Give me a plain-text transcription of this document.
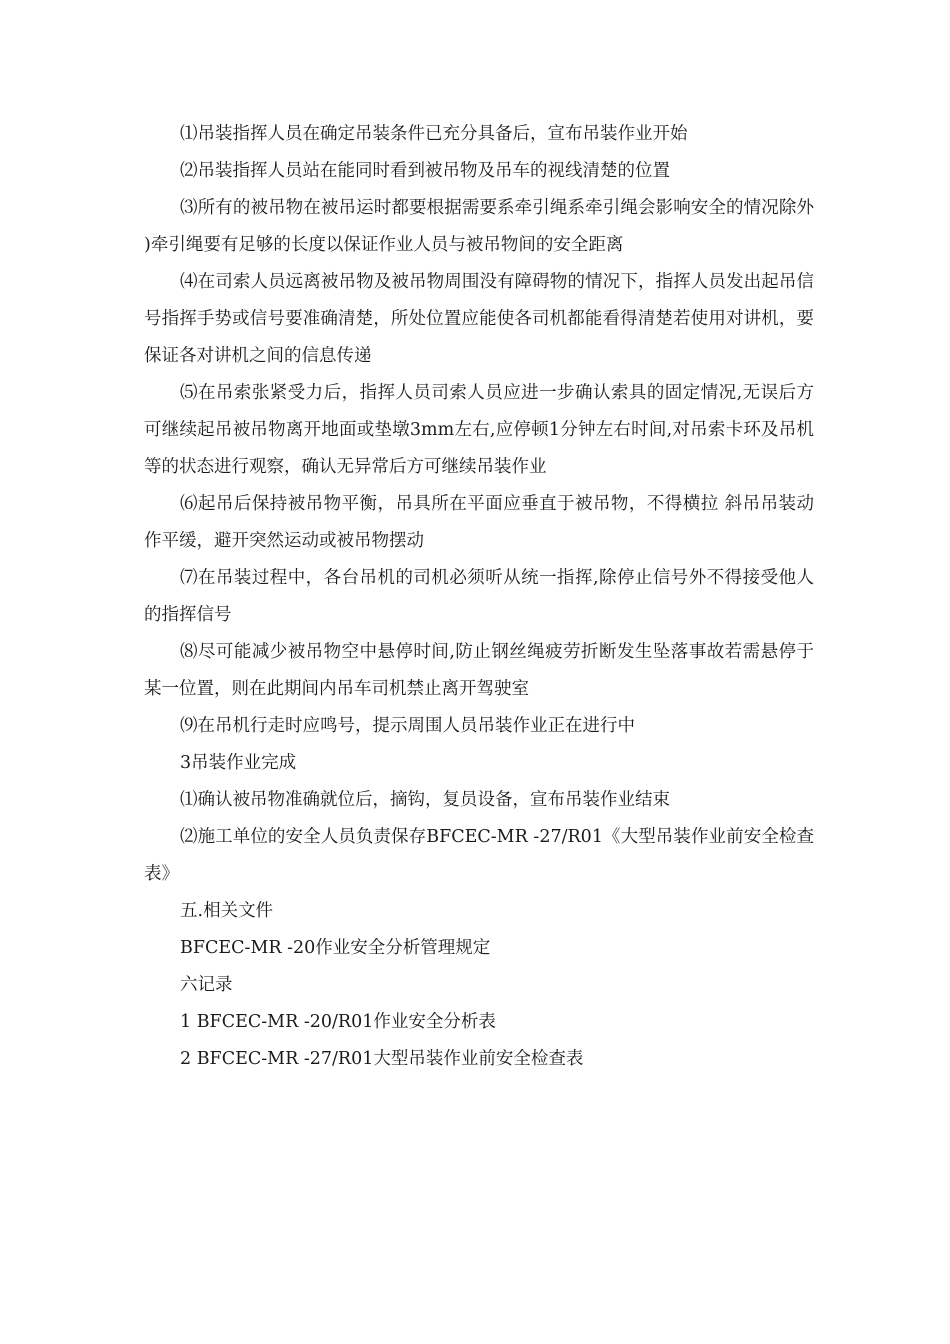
⑴吊装指挥人员在确定吊装条件已充分具备后，宣布吊装作业开始

⑵吊装指挥人员站在能同时看到被吊物及吊车的视线清楚的位置

⑶所有的被吊物在被吊运时都要根据需要系牵引绳系牵引绳会影响安全的情况除外)牵引绳要有足够的长度以保证作业人员与被吊物间的安全距离

⑷在司索人员远离被吊物及被吊物周围没有障碍物的情况下，指挥人员发出起吊信号指挥手势或信号要准确清楚，所处位置应能使各司机都能看得清楚若使用对讲机，要保证各对讲机之间的信息传递

⑸在吊索张紧受力后，指挥人员司索人员应进一步确认索具的固定情况,无误后方可继续起吊被吊物离开地面或垫墩3mm左右,应停顿1分钟左右时间,对吊索卡环及吊机等的状态进行观察，确认无异常后方可继续吊装作业

⑹起吊后保持被吊物平衡，吊具所在平面应垂直于被吊物，不得横拉 斜吊吊装动作平缓，避开突然运动或被吊物摆动

⑺在吊装过程中，各台吊机的司机必须听从统一指挥,除停止信号外不得接受他人的指挥信号

⑻尽可能减少被吊物空中悬停时间,防止钢丝绳疲劳折断发生坠落事故若需悬停于某一位置，则在此期间内吊车司机禁止离开驾驶室

⑼在吊机行走时应鸣号，提示周围人员吊装作业正在进行中

3吊装作业完成

⑴确认被吊物准确就位后，摘钩，复员设备，宣布吊装作业结束

⑵施工单位的安全人员负责保存BFCEC-MR -27/R01《大型吊装作业前安全检查表》

五.相关文件

BFCEC-MR -20作业安全分析管理规定

六记录

1 BFCEC-MR -20/R01作业安全分析表

2 BFCEC-MR -27/R01大型吊装作业前安全检查表
